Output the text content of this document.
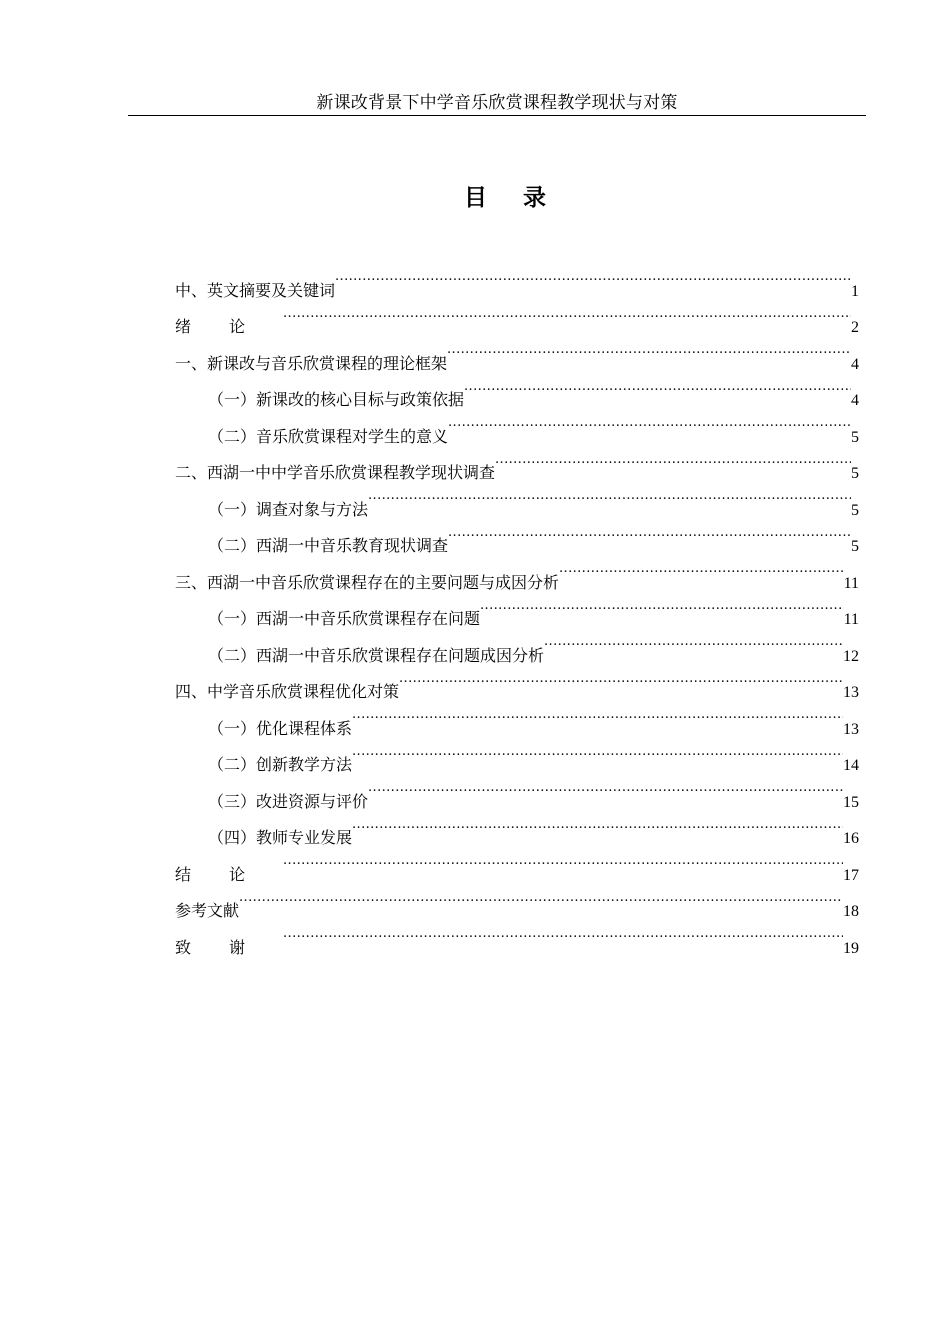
新课改背景下中学音乐欣赏课程教学现状与对策
目录
中、英文摘要及关键词 .....	1
绪论 .....	2
一、新课改与音乐欣赏课程的理论框架 .....	4
（一）新课改的核心目标与政策依据 .....	4
（二）音乐欣赏课程对学生的意义 .....	5
二、西湖一中中学音乐欣赏课程教学现状调查 .....	5
（一）调查对象与方法 .....	5
（二）西湖一中音乐教育现状调查 .....	5
三、西湖一中音乐欣赏课程存在的主要问题与成因分析 .....	11
（一）西湖一中音乐欣赏课程存在问题 .....	11
（二）西湖一中音乐欣赏课程存在问题成因分析 .....	12
四、中学音乐欣赏课程优化对策 .....	13
（一）优化课程体系 .....	13
（二）创新教学方法 .....	14
（三）改进资源与评价 .....	15
（四）教师专业发展 .....	16
结论 .....	17
参考文献 .....	18
致谢 .....	19
